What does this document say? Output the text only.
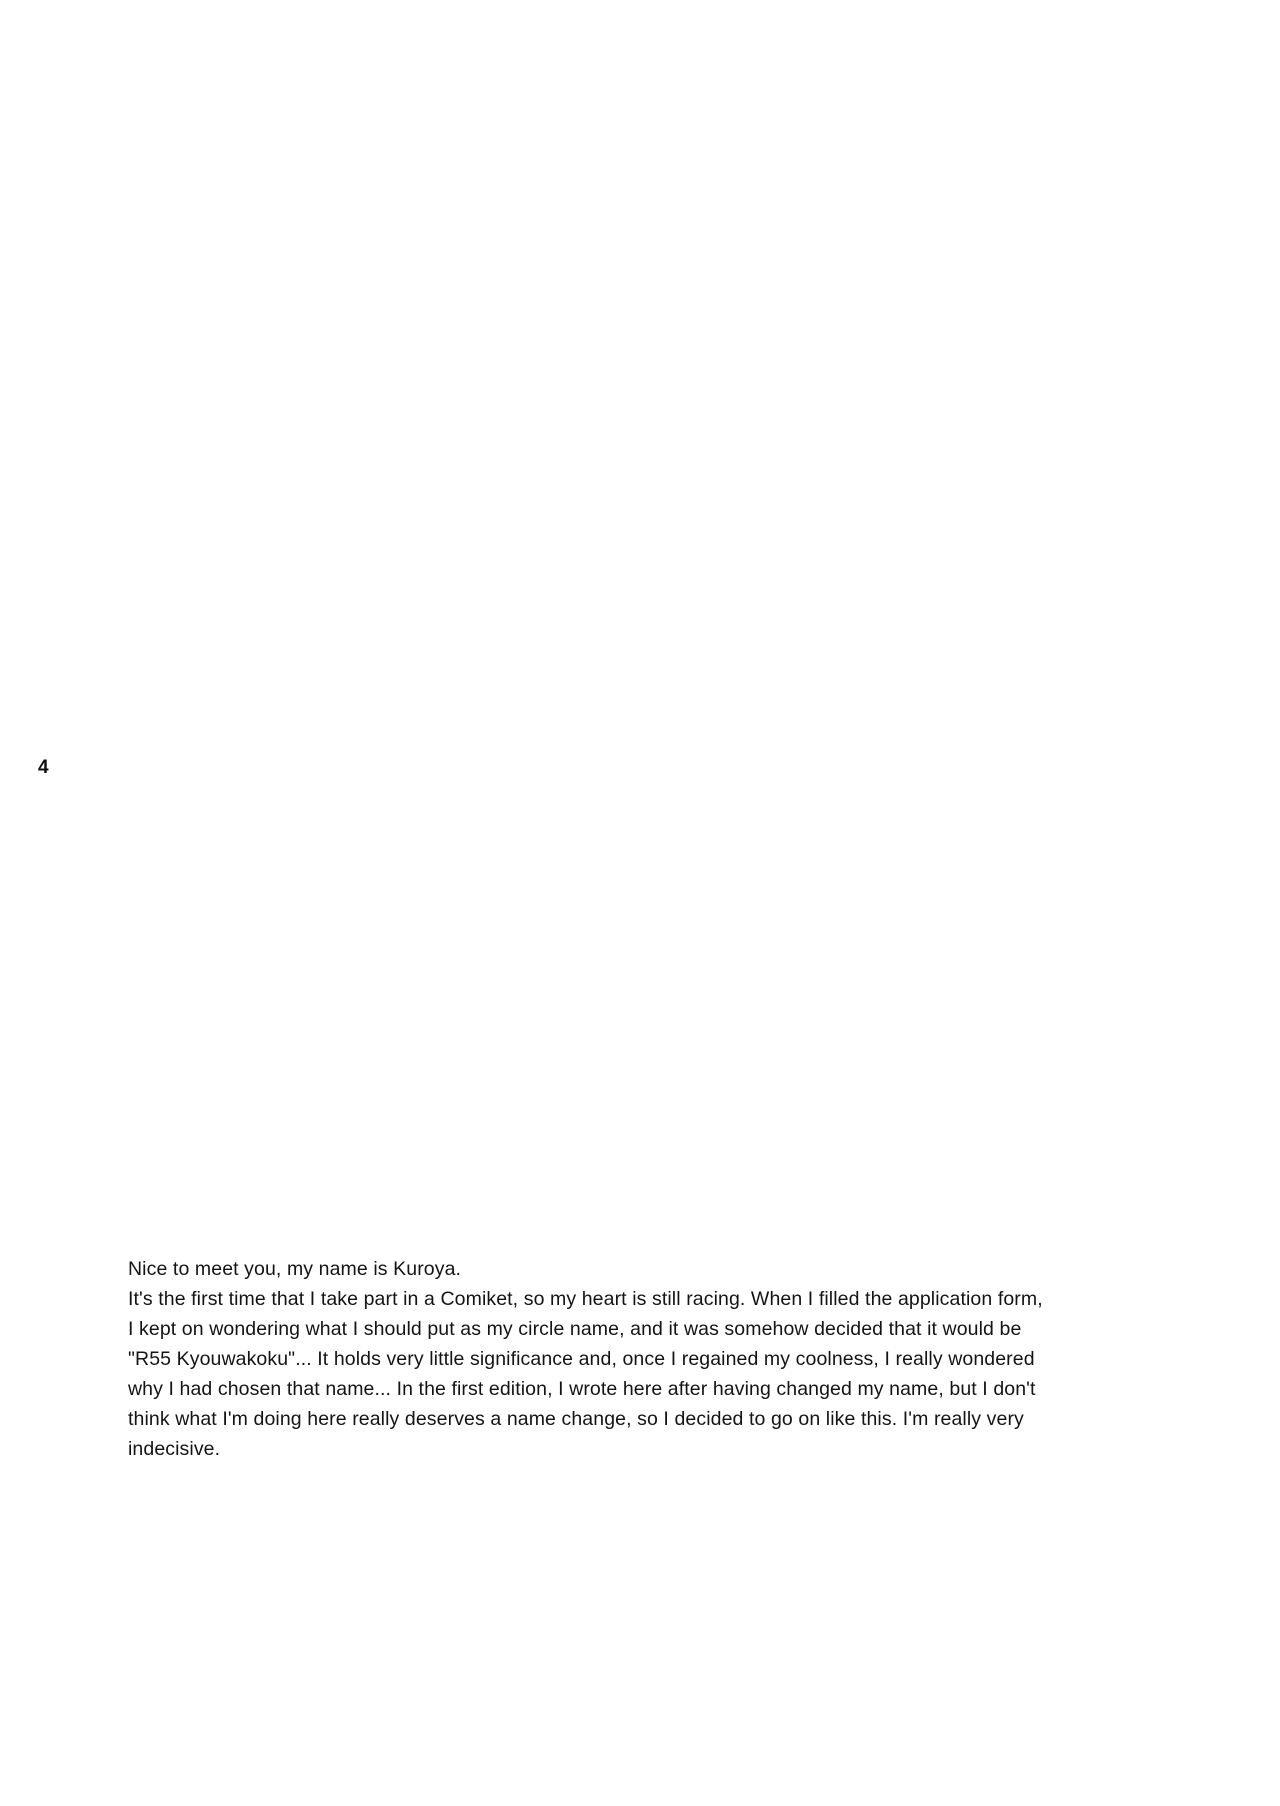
4

Nice to meet you, my name is Kuroya.

It's the first time that I take part in a Comiket, so my heart is still racing. When I filled the application form, I kept on wondering what I should put as my circle name, and it was somehow decided that it would be "R55 Kyouwakoku"... It holds very little significance and, once I regained my coolness, I really wondered why I had chosen that name... In the first edition, I wrote here after having changed my name, but I don't think what I'm doing here really deserves a name change, so I decided to go on like this. I'm really very indecisive.
